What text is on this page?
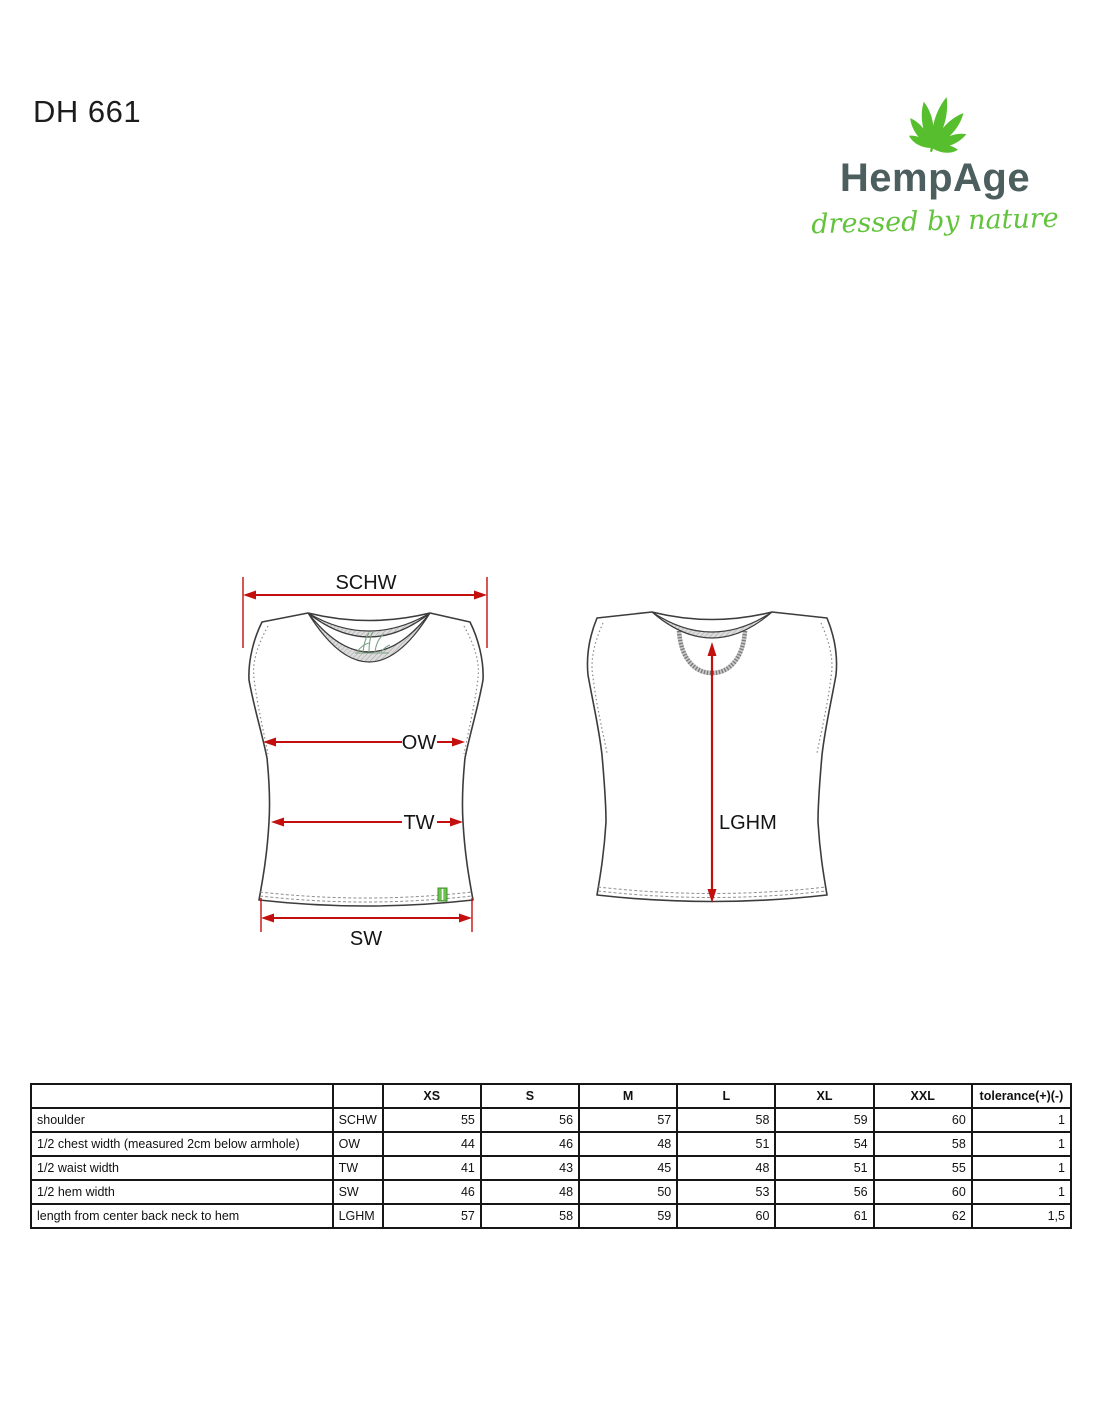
DH 661
HempAge
dressed by nature
SCHW
OW
TW
SW
LGHM
		XS	S	M	L	XL	XXL	tolerance(+)(-)
shoulder	SCHW	55	56	57	58	59	60	1
1/2 chest width (measured 2cm below armhole)	OW	44	46	48	51	54	58	1
1/2 waist width	TW	41	43	45	48	51	55	1
1/2 hem width	SW	46	48	50	53	56	60	1
length from center back neck to hem	LGHM	57	58	59	60	61	62	1,5
